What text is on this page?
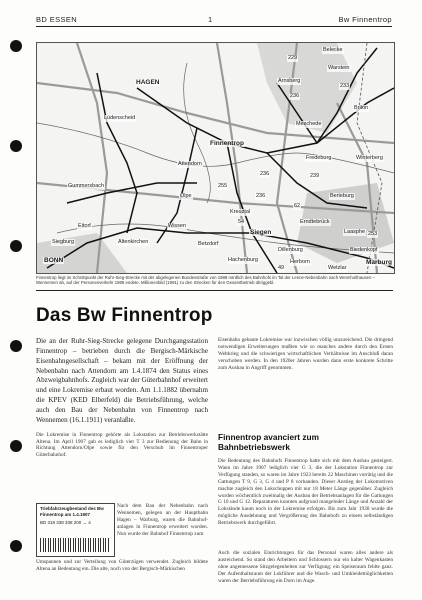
BD ESSEN	1	Bw Finnentrop
HAGEN
Belecke
Warstein
Arnsberg
Brilon
Meschede
Lüdenscheid
Finnentrop
Attendorn
Fredeburg	Winterberg
Gummersbach
Olpe	Berleburg
Kreuztal
Erndtebrück
Laasphe
Siegen
Wissen
Betzdorf
Altenkirchen
Biedenkopf
Dillenburg
Eitorf
Siegburg
Hachenburg	Herborn	Marburg
BONN
Wetzlar
229
236
233
236	239
62
236
54
255
49
253
Finnentrop liegt im Schnittpunkt der Ruhr-Sieg-Strecke mit der abgelegenen Bundesstraße von 1988 nördlich des Bahnhofs im Tal der Lenne-Nebenbahn nach Wennholthausen – Wennemen ab, auf der Personenverkehr 1988 endete. Millionenbild (1991) zu den Strecken für den Gesamtbetrieb übriggebl.
Das Bw Finnentrop

Die an der Ruhr-Sieg-Strecke gelegene Durchgangsstation Finnentrop – betrieben durch die Bergisch-Märkische Eisenbahngesellschaft – bekam mit der Eröffnung der Nebenbahn nach Attendorn am 1.4.1874 den Status eines Abzweigbahnhofs. Zugleich war der Güterbahnhof erweitert und eine Lokremise erbaut worden. Am 1.1.1882 übernahm die KPEV (KED Elberfeld) die Betriebsführung, welche auch den Bau der Nebenbahn von Finnentrop nach Wennemen (16.1.1911) veranlaßte.

Die Lokremise in Finnentrop gehörte als Lokstation zur Betriebswerkstätte Altena. Im April 1907 gab es lediglich vier T 3 zur Bedienung der Bahn in Richtung Attendorn/Olpe sowie für den Verschub im Finnentroper Güterbahnhof.

Triebfahrzeugbestand des Bw Finnentrop am 1.4.1907
BD 318 338 338 200 → 4

Nach dem Bau der Nebenbahn nach Wennemen, gelegen an der Hauptbahn Hagen – Warburg, waren die Bahnhof-anlagen in Finnentrop erweitert worden. Nun wurde der Bahnhof Finnentrop zum

Umspannen und zur Verteilung von Güterzügen verwendet. Zugleich bildete Altena an Bedeutung ein. Die alte, noch von der Bergisch-Märkischen

Eisenbahn gebaute Lokremise war inzwischen völlig unzureichend. Die dringend notwendigen Erweiterungen mußten wie so manches andere durch den Ersten Weltkrieg und die schwierigen wirtschaftlichen Verhältnisse im Anschluß daran verschoben werden. In den 1920er Jahren wurden dann erste konkrete Schritte zum Ausbau in Angriff genommen.

Finnentrop avanciert zum Bahnbetriebswerk

Die Bedeutung des Bahnhofs Finnentrop hatte sich mit dem Ausbau gesteigert. Wann im Jahre 1907 lediglich vier G 3, die der Lokstation Finnentrop zur Verfügung standen, so waren im Jahre 1923 bereits 22 Maschinen vorrätig und die Gattungen T 9, G 3, G 4 und P 8 vorhanden. Dieser Anstieg der Lokomotiven machte zugleich den Lokschuppen mit nur 18 Meter Länge gegenüber. Zugleich wurden wöchentlich zweimalig der Ausbau der Betriebsanlagen für die Gattungen G 10 und G 12. Reparaturen konnten aufgrund mangelnder Länge und Anzahl der Lokstände kaum noch in der Lokremise erfolgen. Bis zum Jahr 1930 wurde die mögliche Ausdehnung und Vergrößerung des Bahnhofs zu einem selbständigen Betriebswerk durchgeführt.

Auch die sozialen Einrichtungen für das Personal waren alles andere als ausreichend. So stand den Arbeitern und Schlossern nur ein kalter Wagenkasten ohne angemessene Sitzgelegenheiten zur Verfügung; ein Speiseraum fehlte ganz. Der Aufenthaltsraum der Lokführer und die Wasch- und Umkleidemöglichkeiten waren der Betriebsführung ein Dorn im Auge.
